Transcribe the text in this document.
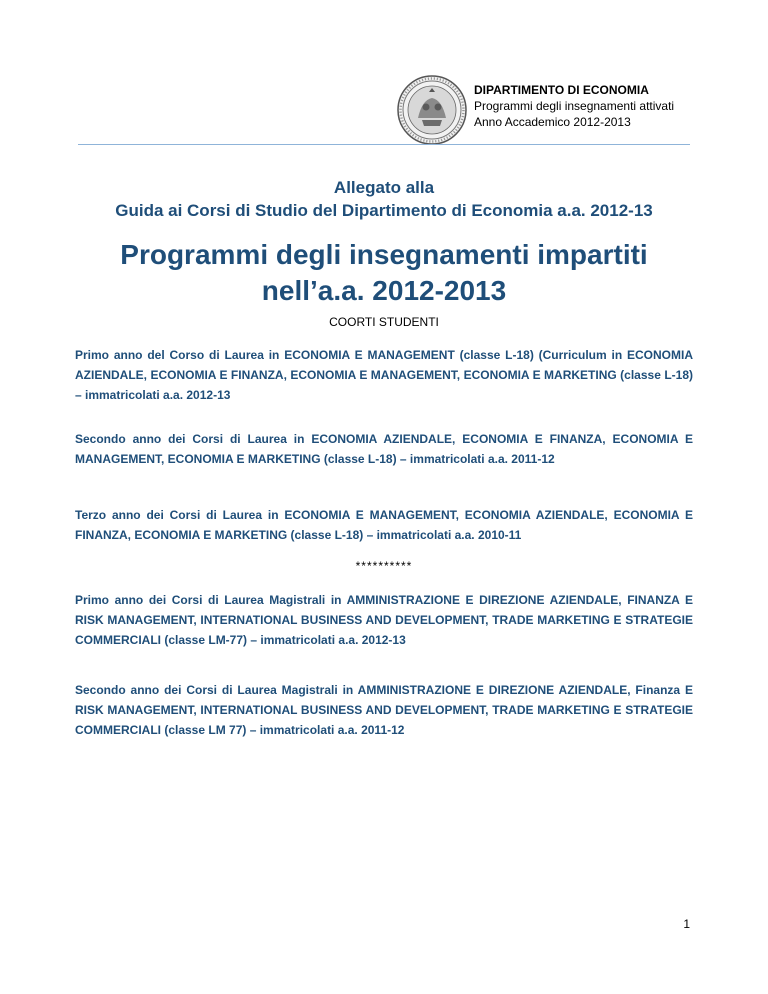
DIPARTIMENTO DI ECONOMIA
Programmi degli insegnamenti attivati
Anno Accademico 2012-2013
Allegato alla
Guida ai Corsi di Studio del Dipartimento di Economia a.a. 2012-13
Programmi degli insegnamenti impartiti
nell’a.a. 2012-2013
COORTI STUDENTI
Primo anno del Corso di Laurea in ECONOMIA E MANAGEMENT (classe L-18) (Curriculum in ECONOMIA AZIENDALE, ECONOMIA E FINANZA, ECONOMIA E MANAGEMENT, ECONOMIA E MARKETING (classe L-18) – immatricolati a.a. 2012-13
Secondo anno dei Corsi di Laurea in ECONOMIA AZIENDALE, ECONOMIA E FINANZA, ECONOMIA E MANAGEMENT, ECONOMIA E MARKETING (classe L-18) – immatricolati a.a. 2011-12
Terzo anno dei Corsi di Laurea in ECONOMIA E MANAGEMENT, ECONOMIA AZIENDALE, ECONOMIA E FINANZA, ECONOMIA E MARKETING (classe L-18) – immatricolati a.a. 2010-11
**********
Primo anno dei Corsi di Laurea Magistrali in AMMINISTRAZIONE E DIREZIONE AZIENDALE, FINANZA E RISK MANAGEMENT, INTERNATIONAL BUSINESS AND DEVELOPMENT, TRADE MARKETING E STRATEGIE COMMERCIALI (classe LM-77) – immatricolati a.a. 2012-13
Secondo anno dei Corsi di Laurea Magistrali in AMMINISTRAZIONE E DIREZIONE AZIENDALE, Finanza E RISK MANAGEMENT, INTERNATIONAL BUSINESS AND DEVELOPMENT, TRADE MARKETING E STRATEGIE COMMERCIALI (classe LM 77) – immatricolati a.a. 2011-12
1
